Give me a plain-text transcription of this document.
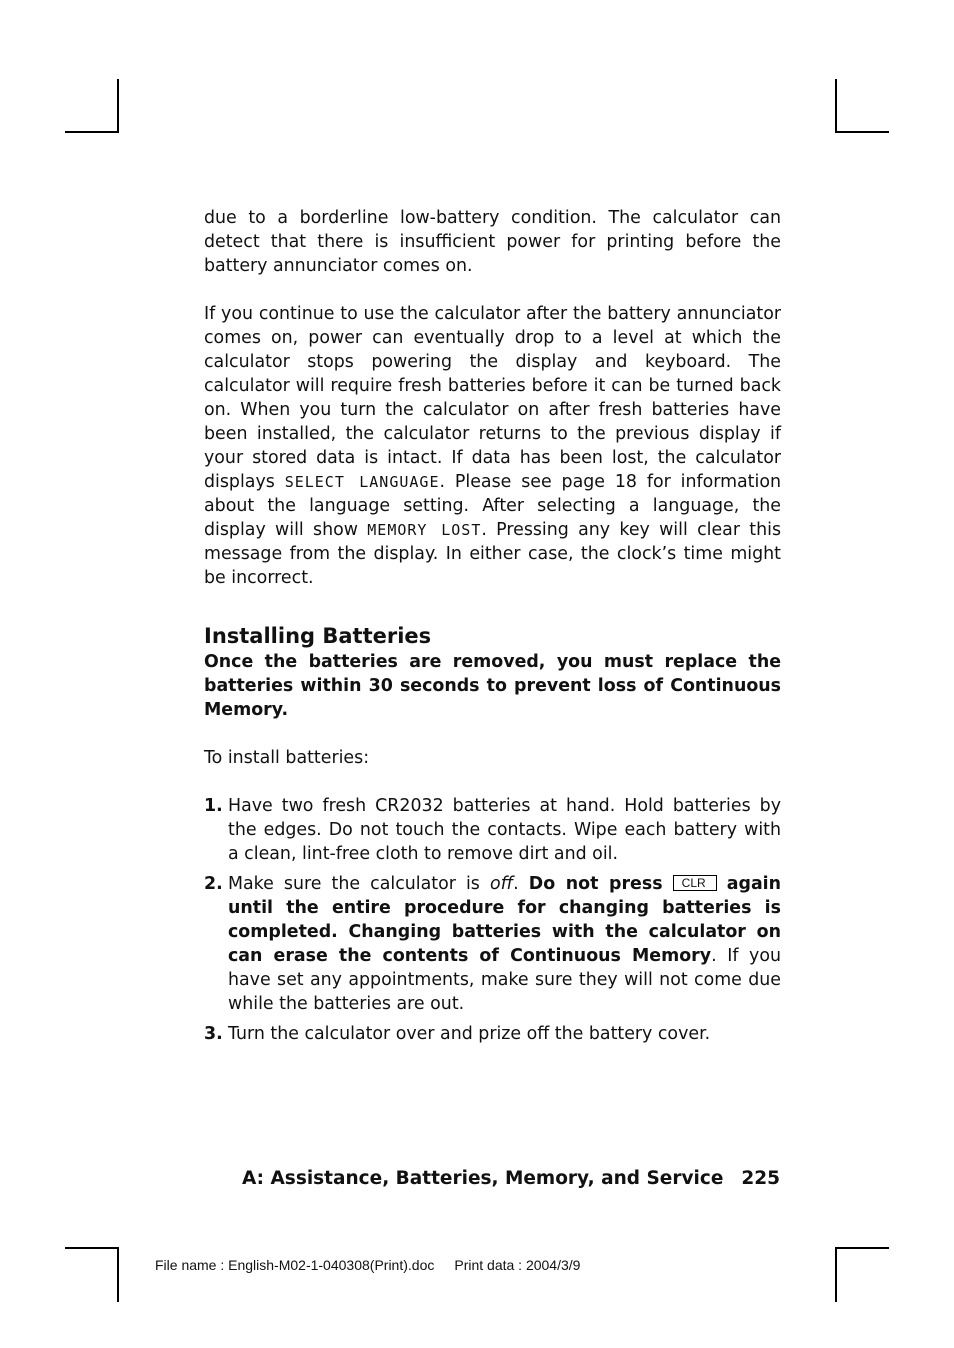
due to a borderline low-battery condition. The calculator can detect that there is insufficient power for printing before the battery annunciator comes on.

If you continue to use the calculator after the battery annunciator comes on, power can eventually drop to a level at which the calculator stops powering the display and keyboard. The calculator will require fresh batteries before it can be turned back on. When you turn the calculator on after fresh batteries have been installed, the calculator returns to the previous display if your stored data is intact. If data has been lost, the calculator displays SELECT LANGUAGE. Please see page 18 for information about the language setting. After selecting a language, the display will show MEMORY LOST. Pressing any key will clear this message from the display. In either case, the clock’s time might be incorrect.

Installing Batteries

Once the batteries are removed, you must replace the batteries within 30 seconds to prevent loss of Continuous Memory.

To install batteries:

1. Have two fresh CR2032 batteries at hand. Hold batteries by the edges. Do not touch the contacts. Wipe each battery with a clean, lint-free cloth to remove dirt and oil.
2. Make sure the calculator is off. Do not press CLR again until the entire procedure for changing batteries is completed. Changing batteries with the calculator on can erase the contents of Continuous Memory. If you have set any appointments, make sure they will not come due while the batteries are out.
3. Turn the calculator over and prize off the battery cover.
A: Assistance, Batteries, Memory, and Service 225
File name : English-M02-1-040308(Print).doc Print data : 2004/3/9
